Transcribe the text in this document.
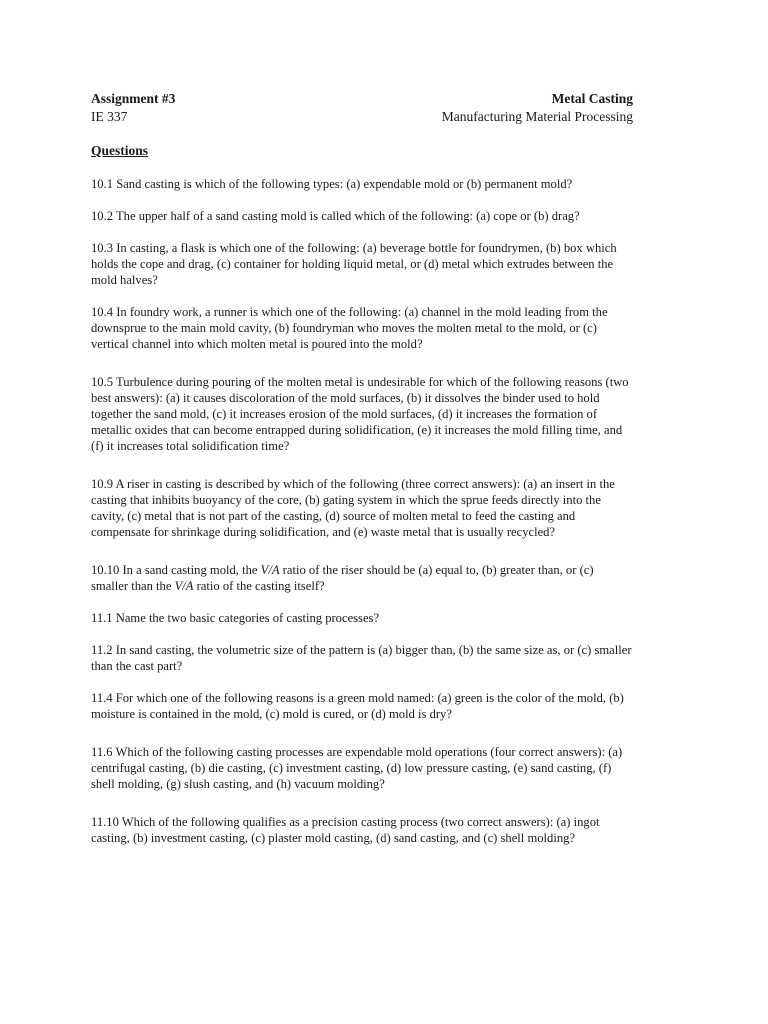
Assignment #3	Metal Casting
IE 337	Manufacturing Material Processing
Questions

10.1 Sand casting is which of the following types: (a) expendable mold or (b) permanent mold?

10.2 The upper half of a sand casting mold is called which of the following: (a) cope or (b) drag?

10.3 In casting, a flask is which one of the following: (a) beverage bottle for foundrymen, (b) box which holds the cope and drag, (c) container for holding liquid metal, or (d) metal which extrudes between the mold halves?

10.4 In foundry work, a runner is which one of the following: (a) channel in the mold leading from the downsprue to the main mold cavity, (b) foundryman who moves the molten metal to the mold, or (c) vertical channel into which molten metal is poured into the mold?

10.5 Turbulence during pouring of the molten metal is undesirable for which of the following reasons (two best answers): (a) it causes discoloration of the mold surfaces, (b) it dissolves the binder used to hold together the sand mold, (c) it increases erosion of the mold surfaces, (d) it increases the formation of metallic oxides that can become entrapped during solidification, (e) it increases the mold filling time, and (f) it increases total solidification time?

10.9 A riser in casting is described by which of the following (three correct answers): (a) an insert in the casting that inhibits buoyancy of the core, (b) gating system in which the sprue feeds directly into the cavity, (c) metal that is not part of the casting, (d) source of molten metal to feed the casting and compensate for shrinkage during solidification, and (e) waste metal that is usually recycled?

10.10 In a sand casting mold, the V/A ratio of the riser should be (a) equal to, (b) greater than, or (c) smaller than the V/A ratio of the casting itself?

11.1 Name the two basic categories of casting processes?

11.2 In sand casting, the volumetric size of the pattern is (a) bigger than, (b) the same size as, or (c) smaller than the cast part?

11.4 For which one of the following reasons is a green mold named: (a) green is the color of the mold, (b) moisture is contained in the mold, (c) mold is cured, or (d) mold is dry?

11.6 Which of the following casting processes are expendable mold operations (four correct answers): (a) centrifugal casting, (b) die casting, (c) investment casting, (d) low pressure casting, (e) sand casting, (f) shell molding, (g) slush casting, and (h) vacuum molding?

11.10 Which of the following qualifies as a precision casting process (two correct answers): (a) ingot casting, (b) investment casting, (c) plaster mold casting, (d) sand casting, and (c) shell molding?
